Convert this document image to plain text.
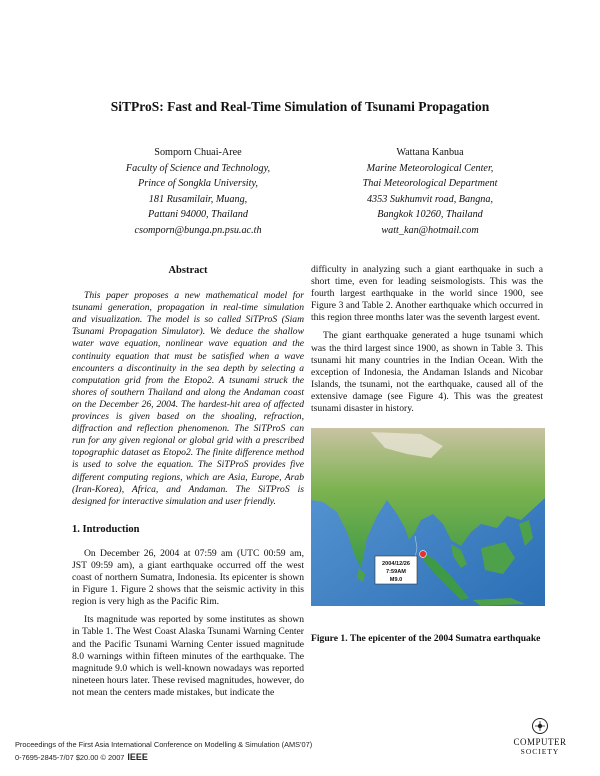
SiTProS: Fast and Real-Time Simulation of Tsunami Propagation
Somporn Chuai-Aree
Faculty of Science and Technology,
Prince of Songkla University,
181 Rusamilair, Muang,
Pattani 94000, Thailand
csomporn@bunga.pn.psu.ac.th
Wattana Kanbua
Marine Meteorological Center,
Thai Meteorological Department
4353 Sukhumvit road, Bangna,
Bangkok 10260, Thailand
watt_kan@hotmail.com
Abstract

This paper proposes a new mathematical model for tsunami generation, propagation in real-time simulation and visualization. The model is so called SiTProS (Siam Tsunami Propagation Simulator). We deduce the shallow water wave equation, nonlinear wave equation and the continuity equation that must be satisfied when a wave encounters a discontinuity in the sea depth by selecting a computation grid from the Etopo2. A tsunami struck the shores of southern Thailand and along the Andaman coast on the December 26, 2004. The hardest-hit area of affected provinces is given based on the shoaling, refraction, diffraction and reflection phenomenon. The SiTProS can run for any given regional or global grid with a prescribed topographic dataset as Etopo2. The finite difference method is used to solve the equation. The SiTProS provides five different computing regions, which are Asia, Europe, Arab (Iran-Korea), Africa, and Andaman. The SiTProS is designed for interactive simulation and user friendly.

1. Introduction

On December 26, 2004 at 07:59 am (UTC 00:59 am, JST 09:59 am), a giant earthquake occurred off the west coast of northern Sumatra, Indonesia. Its epicenter is shown in Figure 1. Figure 2 shows that the seismic activity in this region is very high as the Pacific Rim.

Its magnitude was reported by some institutes as shown in Table 1. The West Coast Alaska Tsunami Warning Center and the Pacific Tsunami Warning Center issued magnitude 8.0 warnings within fifteen minutes of the earthquake. The magnitude 9.0 which is well-known nowadays was reported nineteen hours later. These revised magnitudes, however, do not mean the centers made mistakes, but indicate the

difficulty in analyzing such a giant earthquake in such a short time, even for leading seismologists. This was the fourth largest earthquake in the world since 1900, see Figure 3 and Table 2. Another earthquake which occurred in this region three months later was the seventh largest event.

The giant earthquake generated a huge tsunami which was the third largest since 1900, as shown in Table 3. This tsunami hit many countries in the Indian Ocean. With the exception of Indonesia, the Andaman Islands and Nicobar Islands, the tsunami, not the earthquake, caused all of the extensive damage (see Figure 4). This was the greatest tsunami disaster in history.

2004/12/26
7:59AM
M9.0
Figure 1. The epicenter of the 2004 Sumatra earthquake
Proceedings of the First Asia International Conference on Modelling & Simulation (AMS'07)
0-7695-2845-7/07 $20.00 © 2007 IEEE
COMPUTER
SOCIETY
